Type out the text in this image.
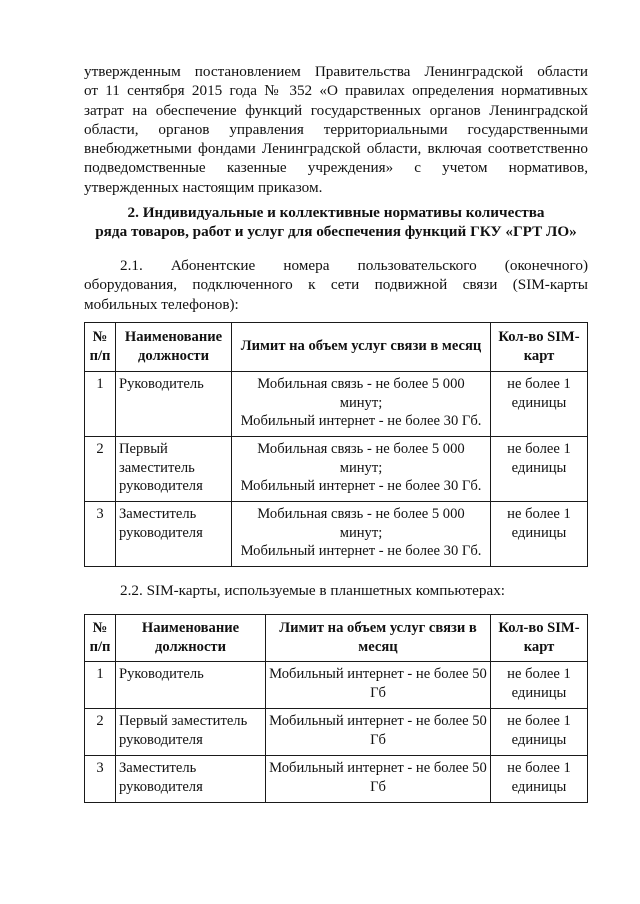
утвержденным постановлением Правительства Ленинградской области
от 11 сентября 2015 года № 352 «О правилах определения нормативных
затрат на обеспечение функций государственных органов Ленинградской
области, органов управления территориальными государственными
внебюджетными фондами Ленинградской области, включая соответственно
подведомственные казенные учреждения» с учетом нормативов,
утвержденных настоящим приказом.
2. Индивидуальные и коллективные нормативы количества
ряда товаров, работ и услуг для обеспечения функций ГКУ «ГРТ ЛО»
2.1. Абонентские номера пользовательского (оконечного)
оборудования, подключенного к сети подвижной связи (SIM-карты
мобильных телефонов):
№ п/п	Наименование должности	Лимит на объем услуг связи в месяц	Кол-во SIM-карт
1	Руководитель	Мобильная связь - не более 5 000
минут;
Мобильный интернет - не более 30 Гб.	не более 1 единицы
2	Первый заместитель руководителя	Мобильная связь - не более 5 000
минут;
Мобильный интернет - не более 30 Гб.	не более 1 единицы
3	Заместитель руководителя	Мобильная связь - не более 5 000
минут;
Мобильный интернет - не более 30 Гб.	не более 1 единицы
2.2. SIM-карты, используемые в планшетных компьютерах:
№ п/п	Наименование должности	Лимит на объем услуг связи в месяц	Кол-во SIM-карт
1	Руководитель	Мобильный интернет - не более 50 Гб	не более 1 единицы
2	Первый заместитель руководителя	Мобильный интернет - не более 50 Гб	не более 1 единицы
3	Заместитель руководителя	Мобильный интернет - не более 50 Гб	не более 1 единицы
